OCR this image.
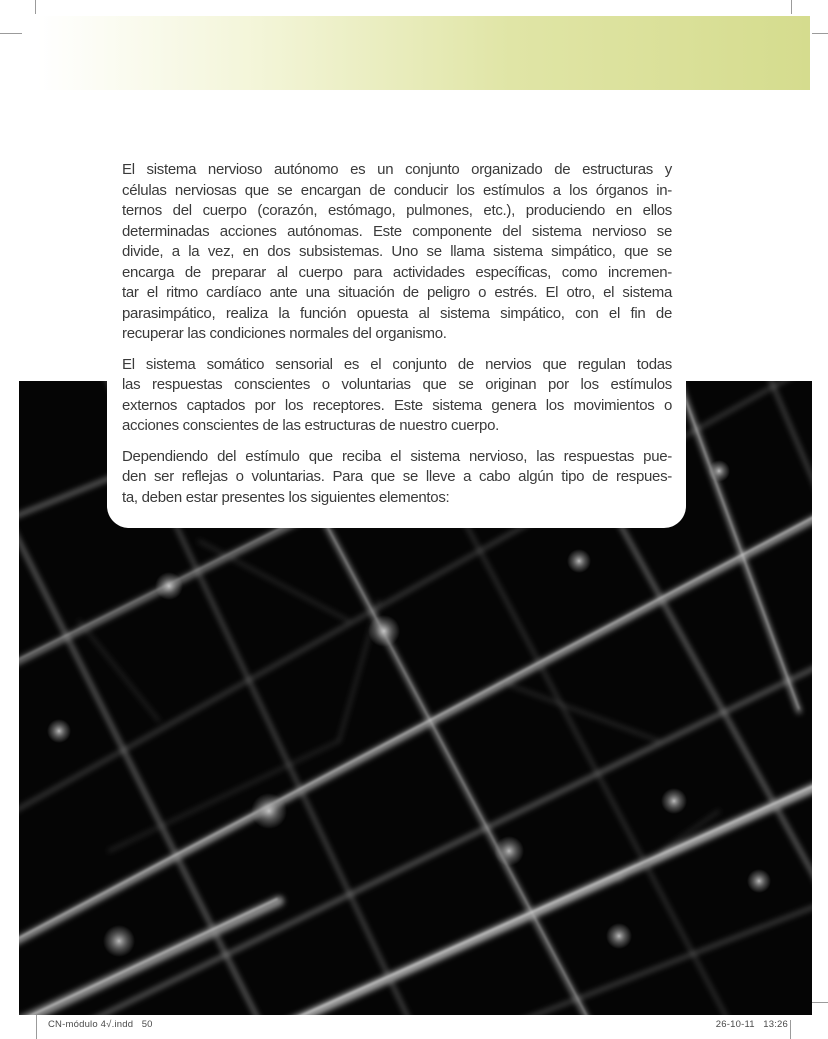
El sistema nervioso autónomo es un conjunto organizado de estructuras y
células nerviosas que se encargan de conducir los estímulos a los órganos in-
ternos del cuerpo (corazón, estómago, pulmones, etc.), produciendo en ellos
determinadas acciones autónomas. Este componente del sistema nervioso se
divide, a la vez, en dos subsistemas. Uno se llama sistema simpático, que se
encarga de preparar al cuerpo para actividades específicas, como incremen-
tar el ritmo cardíaco ante una situación de peligro o estrés. El otro, el sistema
parasimpático, realiza la función opuesta al sistema simpático, con el fin de
recuperar las condiciones normales del organismo.
El sistema somático sensorial es el conjunto de nervios que regulan todas
las respuestas conscientes o voluntarias que se originan por los estímulos
externos captados por los receptores. Este sistema genera los movimientos o
acciones conscientes de las estructuras de nuestro cuerpo.
Dependiendo del estímulo que reciba el sistema nervioso, las respuestas pue-
den ser reflejas o voluntarias. Para que se lleve a cabo algún tipo de respues-
ta, deben estar presentes los siguientes elementos:
CN-módulo 4√.indd   50	26-10-11   13:26
